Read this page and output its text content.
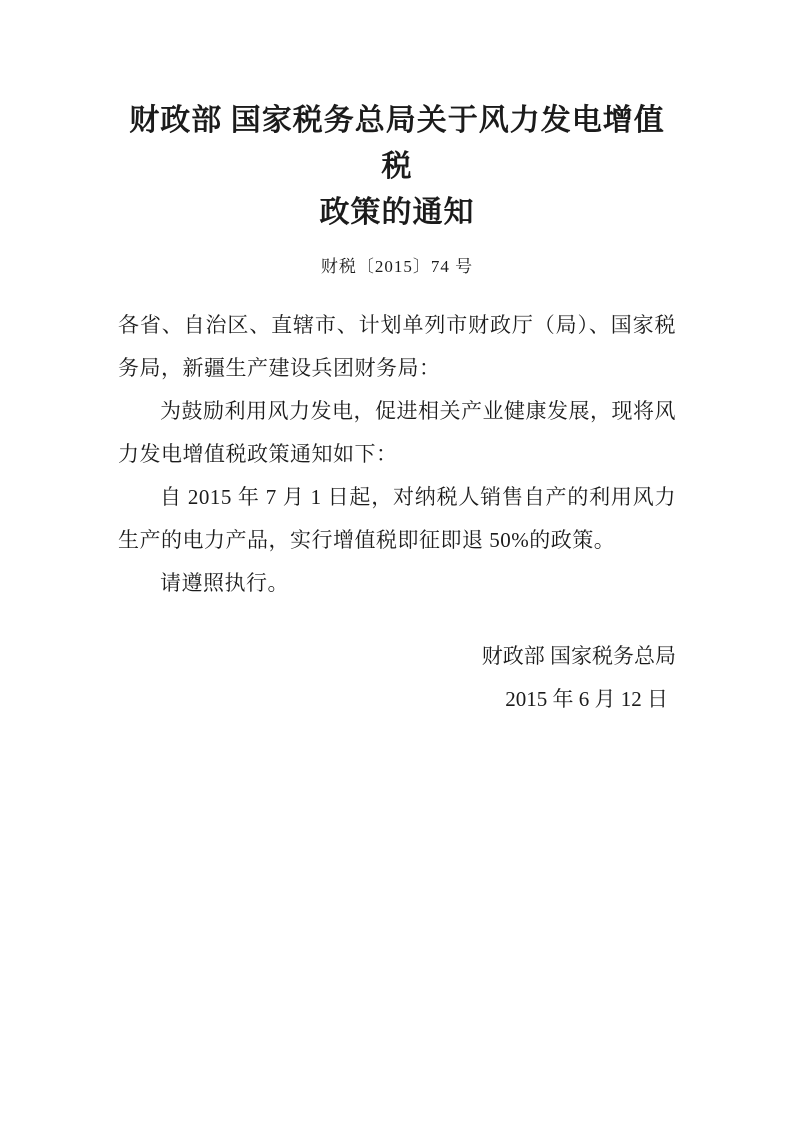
财政部 国家税务总局关于风力发电增值税
政策的通知
财税〔2015〕74 号

各省、自治区、直辖市、计划单列市财政厅（局）、国家税务局，新疆生产建设兵团财务局：

为鼓励利用风力发电，促进相关产业健康发展，现将风力发电增值税政策通知如下：

自 2015 年 7 月 1 日起，对纳税人销售自产的利用风力生产的电力产品，实行增值税即征即退 50%的政策。

请遵照执行。

财政部 国家税务总局
2015 年 6 月 12 日
